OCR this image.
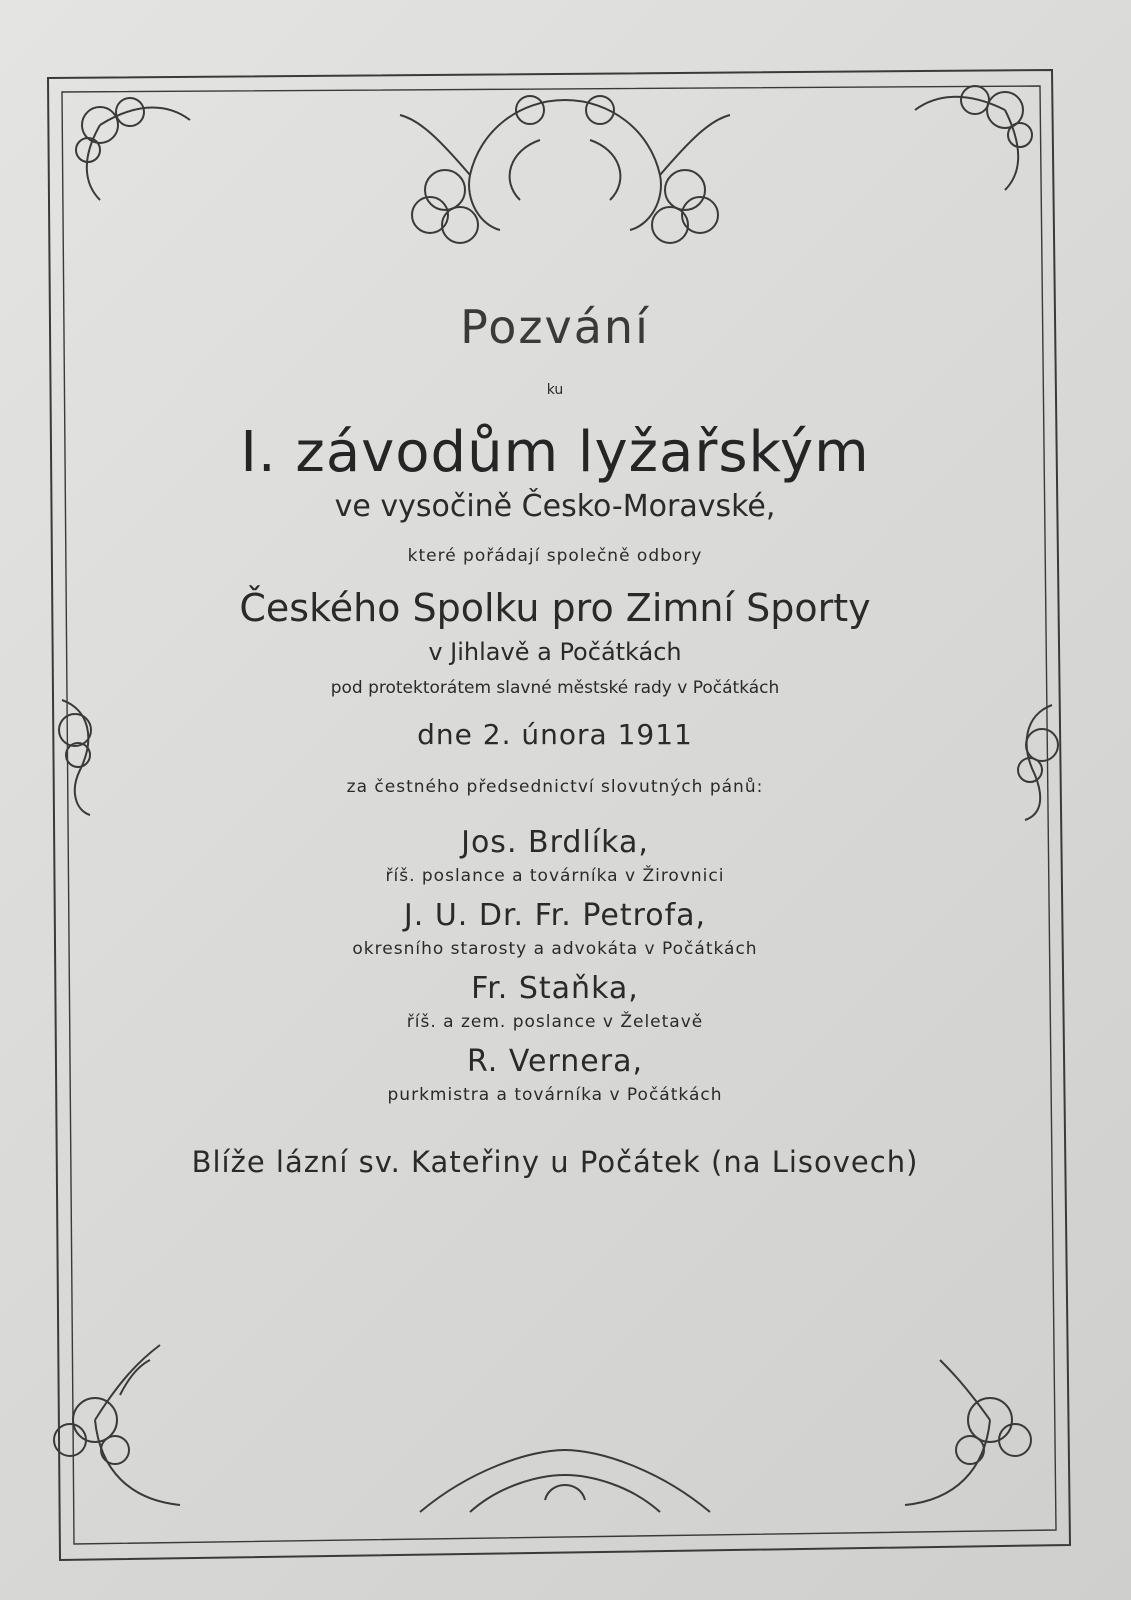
Pozvání
ku
I. závodům lyžařským
ve vysočině Česko-Moravské,
které pořádají společně odbory
Českého Spolku pro Zimní Sporty
v Jihlavě a Počátkách
pod protektorátem slavné městské rady v Počátkách
dne 2. února 1911
za čestného předsednictví slovutných pánů:
Jos. Brdlíka,
říš. poslance a továrníka v Žirovnici
J. U. Dr. Fr. Petrofa,
okresního starosty a advokáta v Počátkách
Fr. Staňka,
říš. a zem. poslance v Želetavě
R. Vernera,
purkmistra a továrníka v Počátkách
Blíže lázní sv. Kateřiny u Počátek (na Lisovech)
